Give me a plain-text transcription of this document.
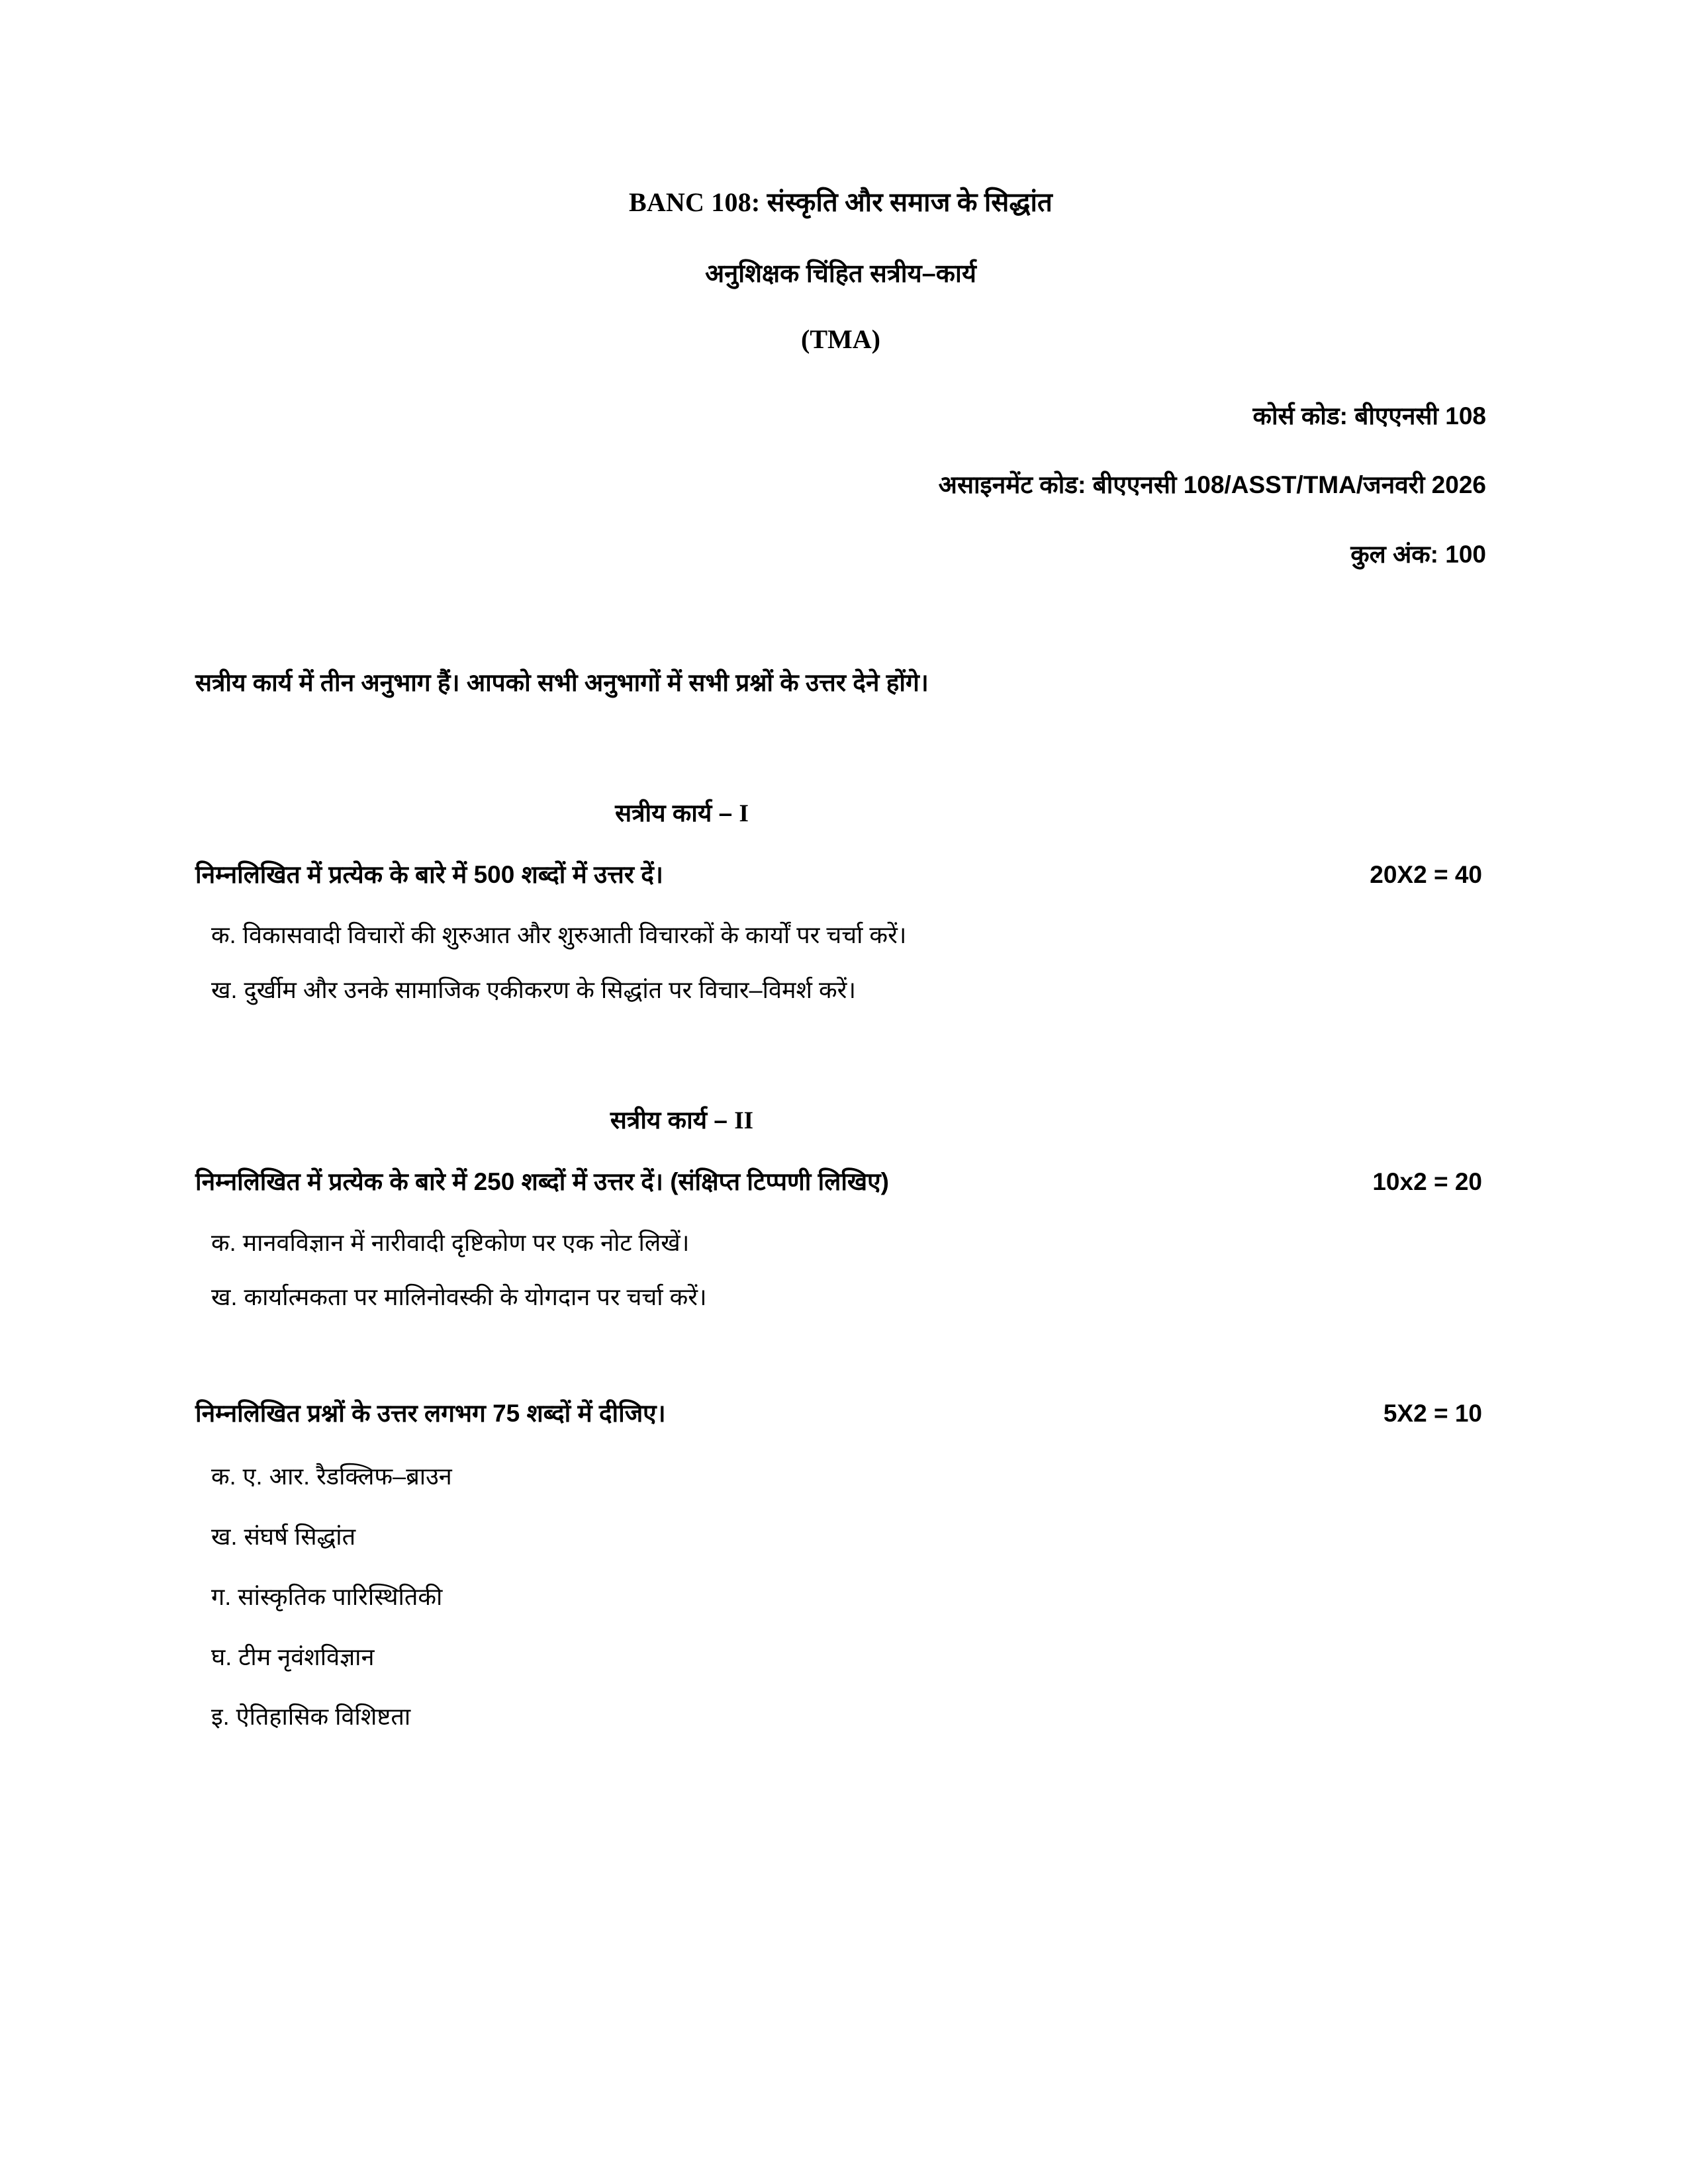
BANC 108: संस्कृति और समाज के सिद्धांत
अनुशिक्षक चिंहित सत्रीय–कार्य
(TMA)
कोर्स कोड: बीएएनसी 108
असाइनमेंट कोड: बीएएनसी 108/ASST/TMA/जनवरी 2026
कुल अंक: 100
सत्रीय कार्य में तीन अनुभाग हैं। आपको सभी अनुभागों में सभी प्रश्नों के उत्तर देने होंगे।
सत्रीय कार्य – I
निम्नलिखित में प्रत्येक के बारे में 500 शब्दों में उत्तर दें।	20X2 = 40
क. विकासवादी विचारों की शुरुआत और शुरुआती विचारकों के कार्यों पर चर्चा करें।
ख. दुर्खीम और उनके सामाजिक एकीकरण के सिद्धांत पर विचार–विमर्श करें।
सत्रीय कार्य – II
निम्नलिखित में प्रत्येक के बारे में 250 शब्दों में उत्तर दें। (संक्षिप्त टिप्पणी लिखिए)	10x2 = 20
क. मानवविज्ञान में नारीवादी दृष्टिकोण पर एक नोट लिखें।
ख. कार्यात्मकता पर मालिनोवस्की के योगदान पर चर्चा करें।
निम्नलिखित प्रश्नों के उत्तर लगभग 75 शब्दों में दीजिए।	5X2 = 10
क. ए. आर. रैडक्लिफ–ब्राउन
ख. संघर्ष सिद्धांत
ग. सांस्कृतिक पारिस्थितिकी
घ. टीम नृवंशविज्ञान
इ. ऐतिहासिक विशिष्टता
